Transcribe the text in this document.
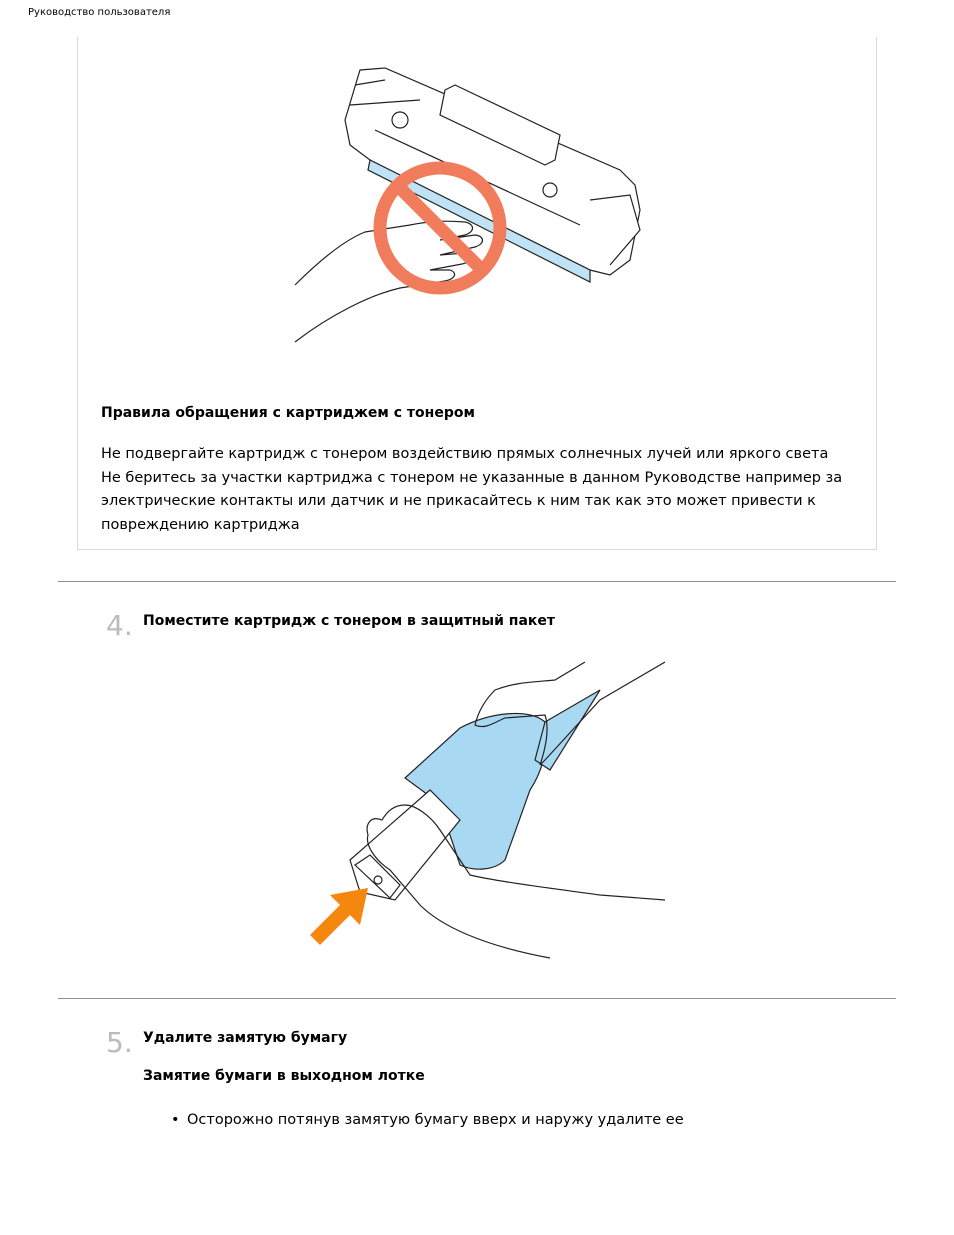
Руководство пользователя
Правила обращения с картриджем с тонером

Не подвергайте картридж с тонером воздействию прямых солнечных лучей или яркого света

Не беритесь за участки картриджа с тонером не указанные в данном Руководстве например за электрические контакты или датчик и не прикасайтесь к ним так как это может привести к повреждению картриджа

4. Поместите картридж с тонером в защитный пакет
5. Удалите замятую бумагу
Замятие бумаги в выходном лотке
• Осторожно потянув замятую бумагу вверх и наружу удалите ее
